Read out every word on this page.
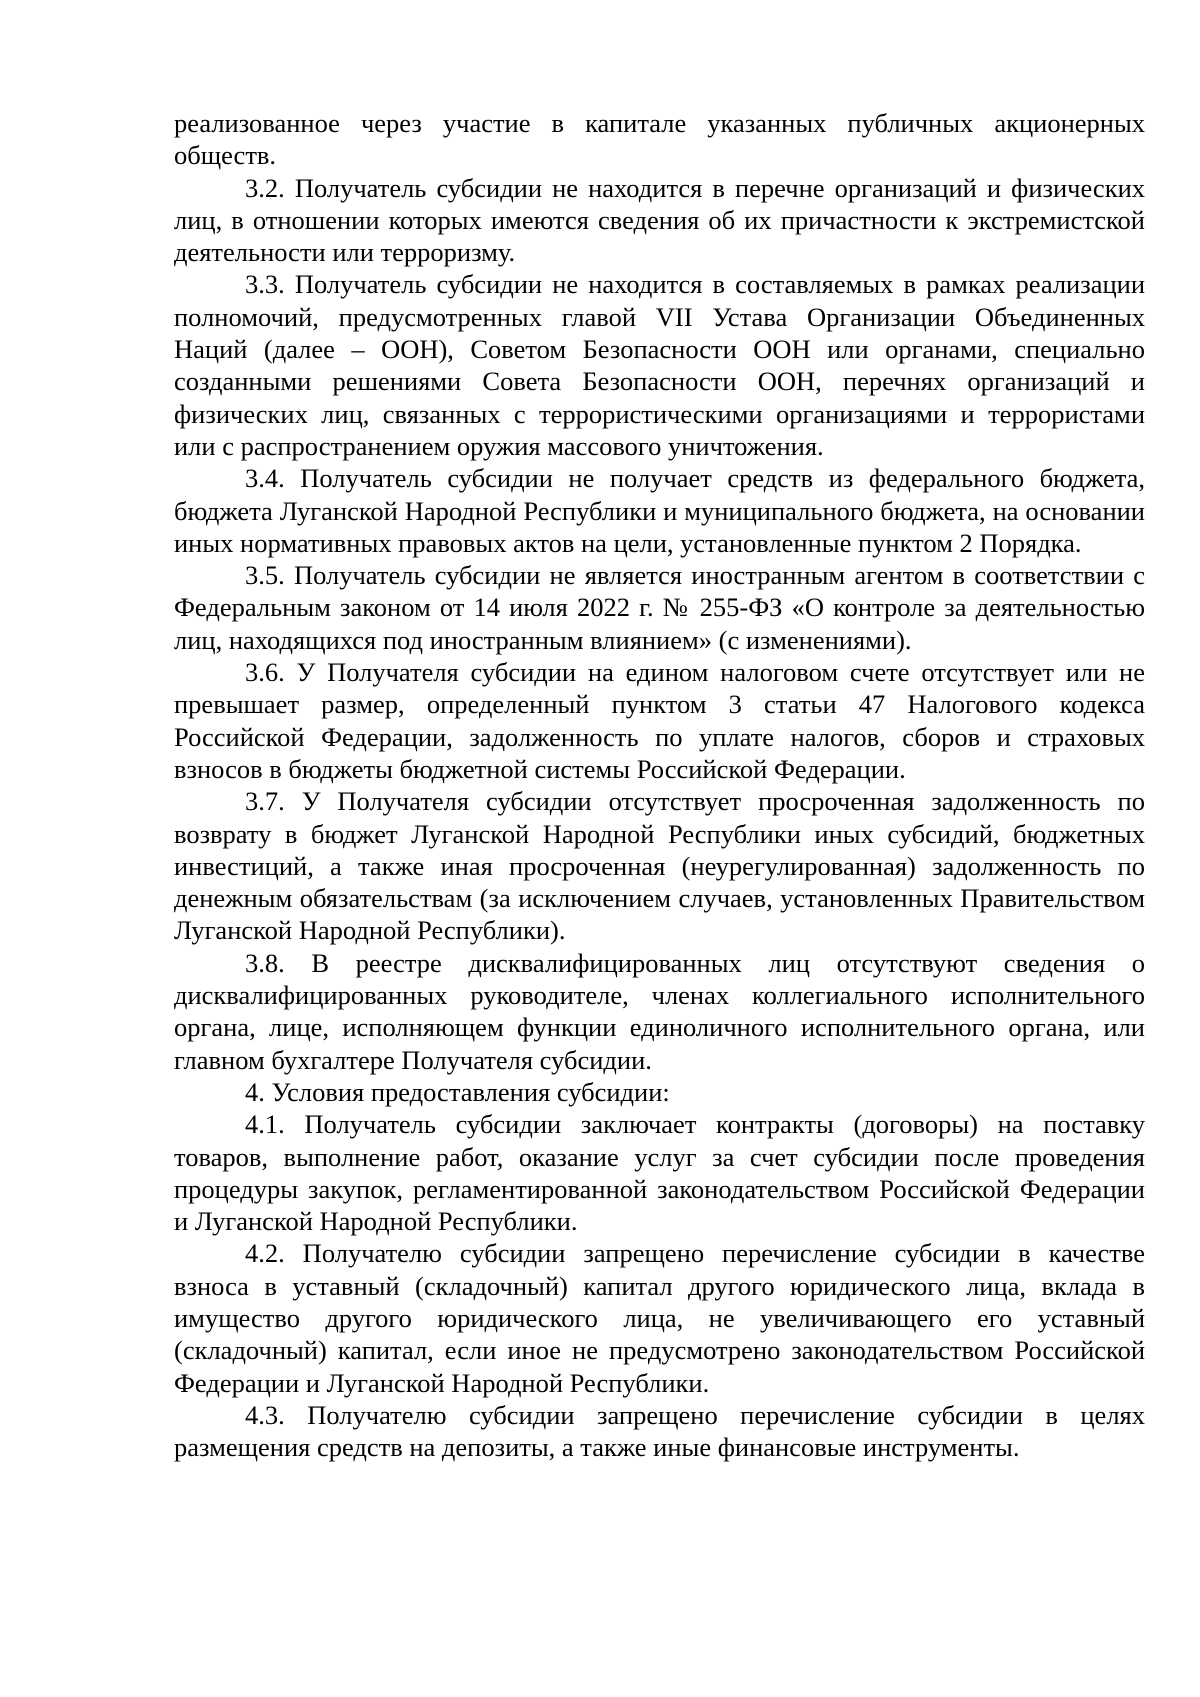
реализованное через участие в капитале указанных публичных акционерных обществ.

3.2. Получатель субсидии не находится в перечне организаций и физических лиц, в отношении которых имеются сведения об их причастности к экстремистской деятельности или терроризму.

3.3. Получатель субсидии не находится в составляемых в рамках реализации полномочий, предусмотренных главой VII Устава Организации Объединенных Наций (далее – ООН), Советом Безопасности ООН или органами, специально созданными решениями Совета Безопасности ООН, перечнях организаций и физических лиц, связанных с террористическими организациями и террористами или с распространением оружия массового уничтожения.

3.4. Получатель субсидии не получает средств из федерального бюджета, бюджета Луганской Народной Республики и муниципального бюджета, на основании иных нормативных правовых актов на цели, установленные пунктом 2 Порядка.

3.5. Получатель субсидии не является иностранным агентом в соответствии с Федеральным законом от 14 июля 2022 г. № 255-ФЗ «О контроле за деятельностью лиц, находящихся под иностранным влиянием» (с изменениями).

3.6. У Получателя субсидии на едином налоговом счете отсутствует или не превышает размер, определенный пунктом 3 статьи 47 Налогового кодекса Российской Федерации, задолженность по уплате налогов, сборов и страховых взносов в бюджеты бюджетной системы Российской Федерации.

3.7. У Получателя субсидии отсутствует просроченная задолженность по возврату в бюджет Луганской Народной Республики иных субсидий, бюджетных инвестиций, а также иная просроченная (неурегулированная) задолженность по денежным обязательствам (за исключением случаев, установленных Правительством Луганской Народной Республики).

3.8. В реестре дисквалифицированных лиц отсутствуют сведения о дисквалифицированных руководителе, членах коллегиального исполнительного органа, лице, исполняющем функции единоличного исполнительного органа, или главном бухгалтере Получателя субсидии.

4. Условия предоставления субсидии:

4.1. Получатель субсидии заключает контракты (договоры) на поставку товаров, выполнение работ, оказание услуг за счет субсидии после проведения процедуры закупок, регламентированной законодательством Российской Федерации и Луганской Народной Республики.

4.2. Получателю субсидии запрещено перечисление субсидии в качестве взноса в уставный (складочный) капитал другого юридического лица, вклада в имущество другого юридического лица, не увеличивающего его уставный (складочный) капитал, если иное не предусмотрено законодательством Российской Федерации и Луганской Народной Республики.

4.3. Получателю субсидии запрещено перечисление субсидии в целях размещения средств на депозиты, а также иные финансовые инструменты.
